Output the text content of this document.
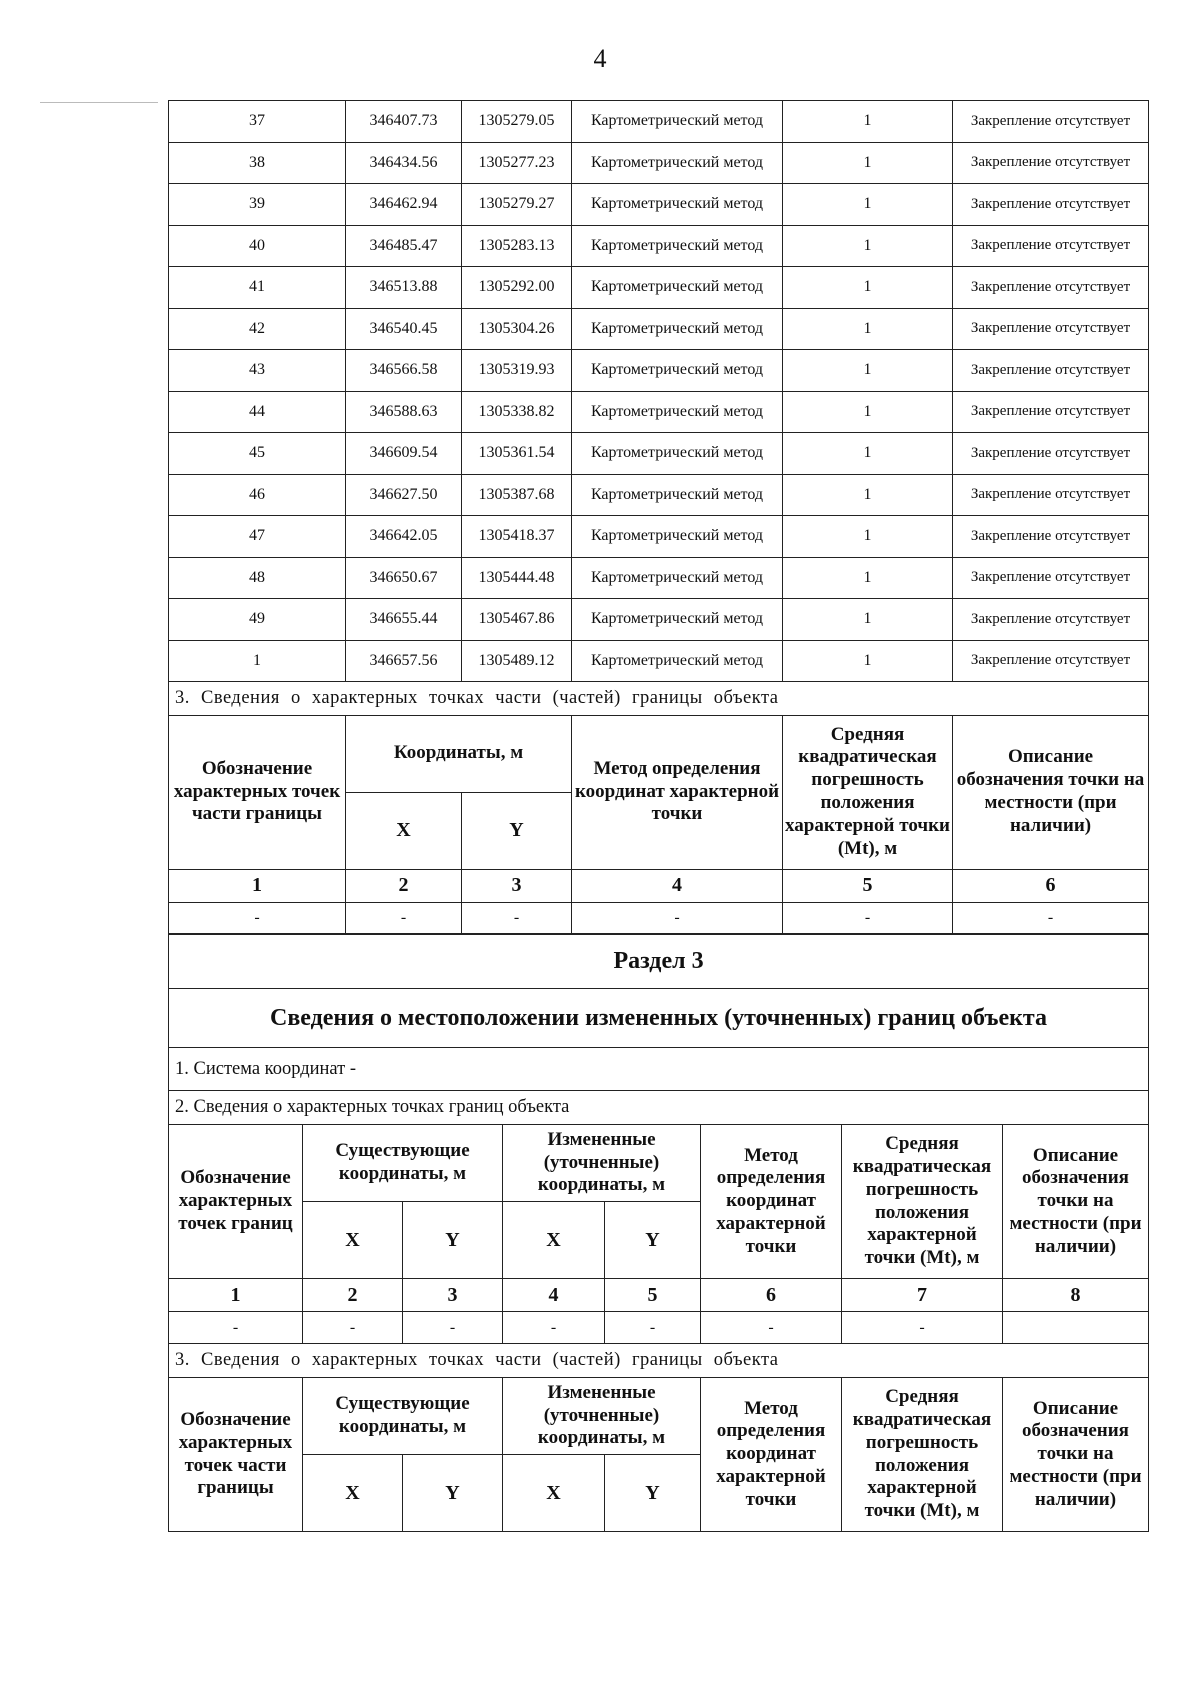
4
37	346407.73	1305279.05	Картометрический метод	1	Закрепление отсутствует
38	346434.56	1305277.23	Картометрический метод	1	Закрепление отсутствует
39	346462.94	1305279.27	Картометрический метод	1	Закрепление отсутствует
40	346485.47	1305283.13	Картометрический метод	1	Закрепление отсутствует
41	346513.88	1305292.00	Картометрический метод	1	Закрепление отсутствует
42	346540.45	1305304.26	Картометрический метод	1	Закрепление отсутствует
43	346566.58	1305319.93	Картометрический метод	1	Закрепление отсутствует
44	346588.63	1305338.82	Картометрический метод	1	Закрепление отсутствует
45	346609.54	1305361.54	Картометрический метод	1	Закрепление отсутствует
46	346627.50	1305387.68	Картометрический метод	1	Закрепление отсутствует
47	346642.05	1305418.37	Картометрический метод	1	Закрепление отсутствует
48	346650.67	1305444.48	Картометрический метод	1	Закрепление отсутствует
49	346655.44	1305467.86	Картометрический метод	1	Закрепление отсутствует
1	346657.56	1305489.12	Картометрический метод	1	Закрепление отсутствует
3. Сведения о характерных точках части (частей) границы объекта					
Обозначение характерных точек части границы	Координаты, м		Метод определения координат характерной точки	Средняя квадратическая погрешность положения характерной точки (Mt), м	Описание обозначения точки на местности (при наличии)
	X	Y			
1	2	3	4	5	6
-	-	-	-	-	-
Раздел 3							
Сведения о местоположении измененных (уточненных) границ объекта							
1. Система координат -							
2. Сведения о характерных точках границ объекта							
Обозначение характерных точек границ	Существующие координаты, м		Измененные (уточненные) координаты, м		Метод определения координат характерной точки	Средняя квадратическая погрешность положения характерной точки (Mt), м	Описание обозначения точки на местности (при наличии)
	X	Y	X	Y			
1	2	3	4	5	6	7	8
-	-	-	-	-	-	-	
3. Сведения о характерных точках части (частей) границы объекта							
Обозначение характерных точек части границы	Существующие координаты, м		Измененные (уточненные) координаты, м		Метод определения координат характерной точки	Средняя квадратическая погрешность положения характерной точки (Mt), м	Описание обозначения точки на местности (при наличии)
	X	Y	X	Y			
